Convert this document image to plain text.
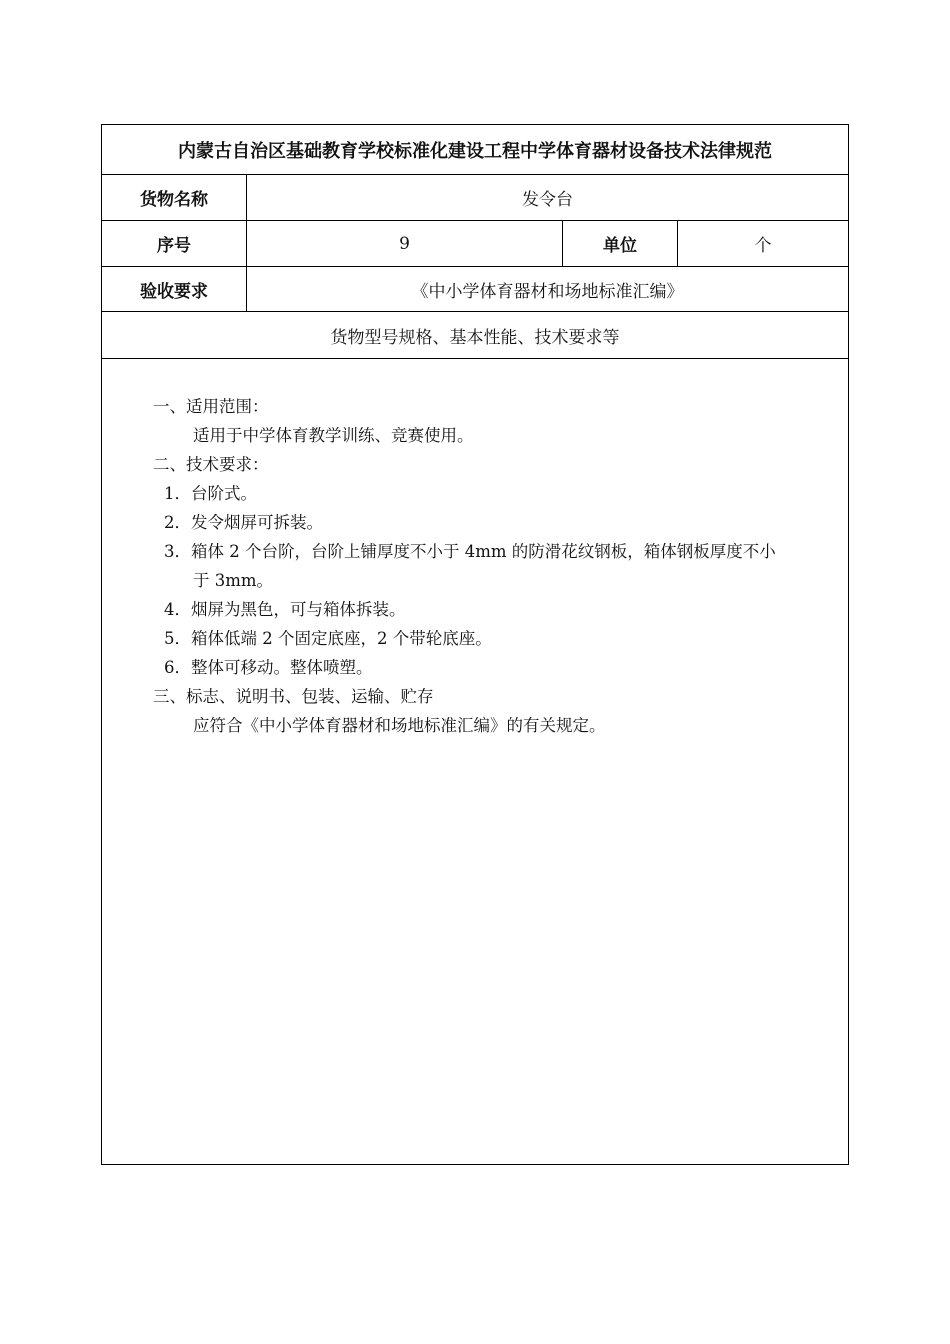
内蒙古自治区基础教育学校标准化建设工程中学体育器材设备技术法律规范
货物名称	发令台
序号	9	单位	个
验收要求	《中小学体育器材和场地标准汇编》
货物型号规格、基本性能、技术要求等
一、适用范围：
适用于中学体育教学训练、竞赛使用。
二、技术要求：
1．台阶式。
2．发令烟屏可拆装。
3．箱体 2 个台阶，台阶上铺厚度不小于 4mm 的防滑花纹钢板，箱体钢板厚度不小
于 3mm。
4．烟屏为黑色，可与箱体拆装。
5．箱体低端 2 个固定底座，2 个带轮底座。
6．整体可移动。整体喷塑。
三、标志、说明书、包装、运输、贮存
应符合《中小学体育器材和场地标准汇编》的有关规定。
